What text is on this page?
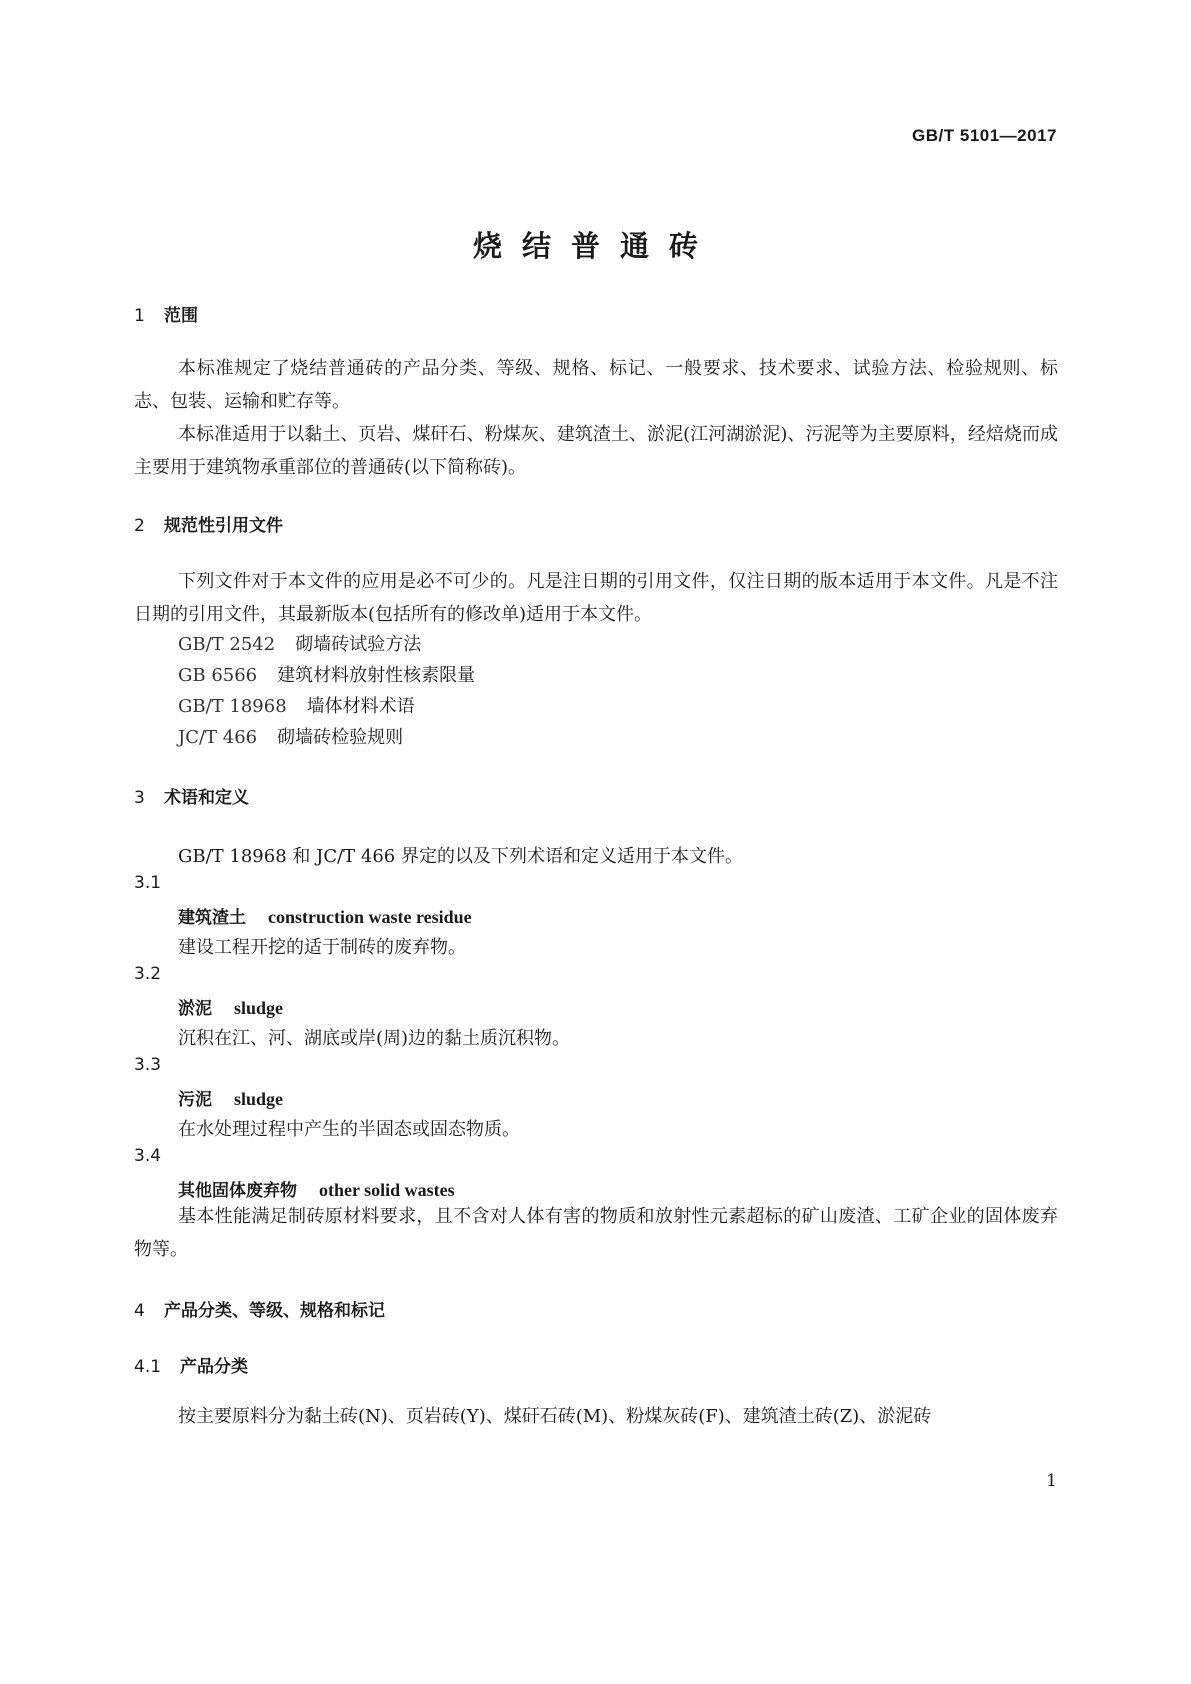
GB/T 5101—2017
烧结普通砖
1 范围
本标准规定了烧结普通砖的产品分类、等级、规格、标记、一般要求、技术要求、试验方法、检验规则、标志、包装、运输和贮存等。
本标准适用于以黏土、页岩、煤矸石、粉煤灰、建筑渣土、淤泥(江河湖淤泥)、污泥等为主要原料，经焙烧而成主要用于建筑物承重部位的普通砖(以下简称砖)。
2 规范性引用文件
下列文件对于本文件的应用是必不可少的。凡是注日期的引用文件，仅注日期的版本适用于本文件。凡是不注日期的引用文件，其最新版本(包括所有的修改单)适用于本文件。
GB/T 2542 砌墙砖试验方法
GB 6566 建筑材料放射性核素限量
GB/T 18968 墙体材料术语
JC/T 466 砌墙砖检验规则
3 术语和定义
GB/T 18968 和 JC/T 466 界定的以及下列术语和定义适用于本文件。
3.1
建筑渣土 construction waste residue
建设工程开挖的适于制砖的废弃物。
3.2
淤泥 sludge
沉积在江、河、湖底或岸(周)边的黏土质沉积物。
3.3
污泥 sludge
在水处理过程中产生的半固态或固态物质。
3.4
其他固体废弃物 other solid wastes
基本性能满足制砖原材料要求，且不含对人体有害的物质和放射性元素超标的矿山废渣、工矿企业的固体废弃物等。
4 产品分类、等级、规格和标记
4.1 产品分类
按主要原料分为黏土砖(N)、页岩砖(Y)、煤矸石砖(M)、粉煤灰砖(F)、建筑渣土砖(Z)、淤泥砖
1
